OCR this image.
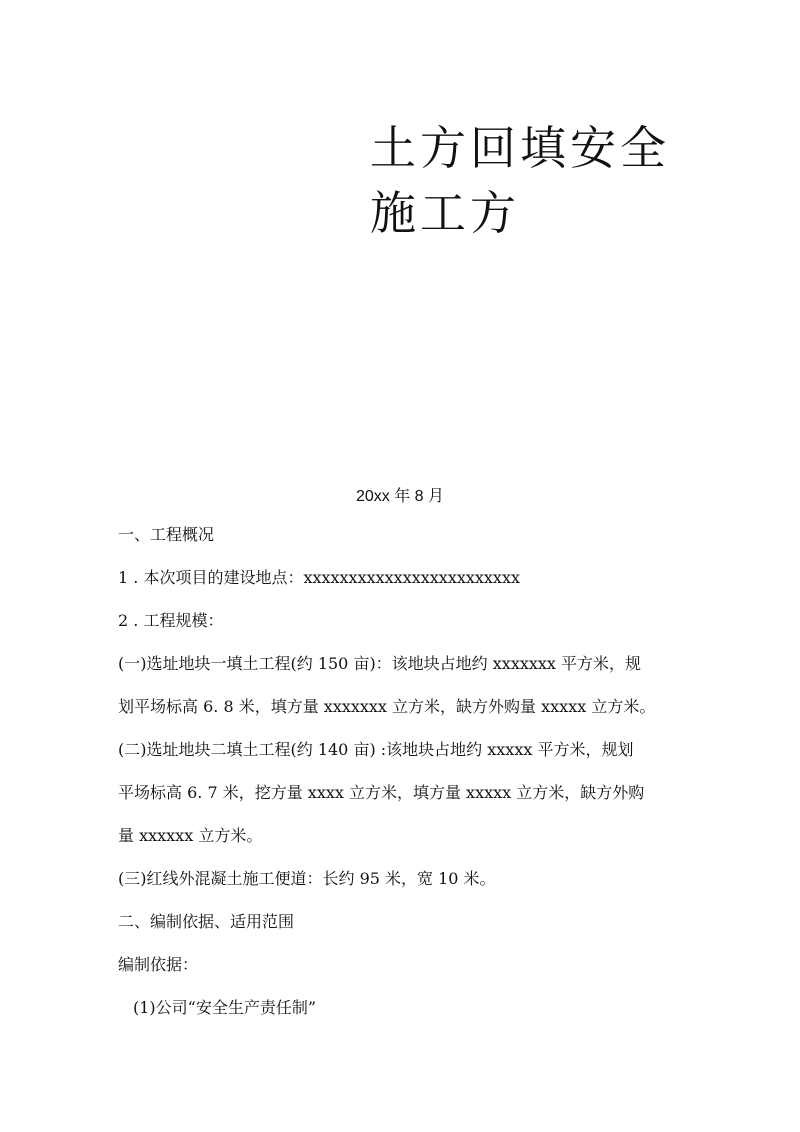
土方回填安全
施工方
20xx 年 8 月
一、工程概况
1 . 本次项目的建设地点：xxxxxxxxxxxxxxxxxxxxxxxx
2 . 工程规模：
(一)选址地块一填土工程(约 150 亩)：该地块占地约 xxxxxxx 平方米，规
划平场标高 6. 8 米，填方量 xxxxxxx 立方米，缺方外购量 xxxxx 立方米。
(二)选址地块二填土工程(约 140 亩) :该地块占地约 xxxxx 平方米，规划
平场标高 6. 7 米，挖方量 xxxx 立方米，填方量 xxxxx 立方米，缺方外购
量 xxxxxx 立方米。
(三)红线外混凝土施工便道：长约 95 米，宽 10 米。
二、编制依据、适用范围
编制依据：
(1)公司“安全生产责任制”
